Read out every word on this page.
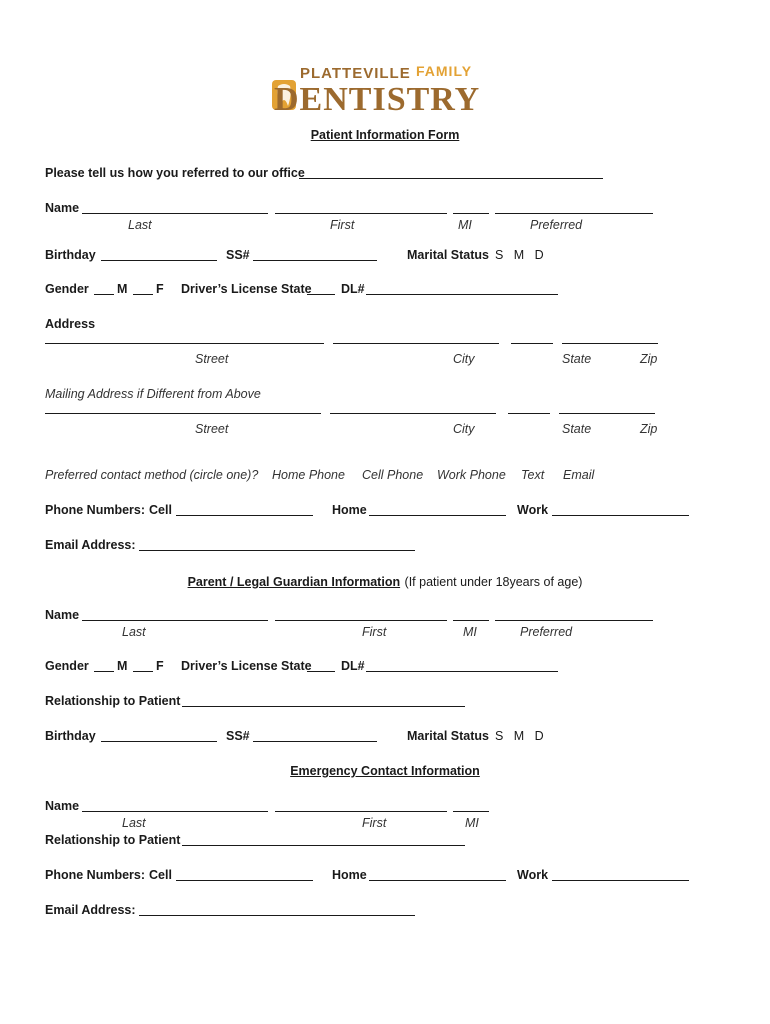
PLATTEVILLE FAMILY
DENTISTRY
Patient Information Form
Please tell us how you referred to our office
Name
Last	First	MI	Preferred
Birthday	SS#	Marital Status S   M   D
Gender M F Driver’s License State DL#
Address
Street	City	State	Zip
Mailing Address if Different from Above
Street	City	State	Zip
Preferred contact method (circle one)? Home Phone Cell Phone Work Phone Text Email
Phone Numbers: Cell	Home	Work
Email Address:
Parent / Legal Guardian Information (If patient under 18years of age)
Name
Last	First	MI	Preferred
Gender M F Driver’s License State DL#
Relationship to Patient
Birthday	SS#	Marital Status S   M   D
Emergency Contact Information
Name
Last	First	MI
Relationship to Patient
Phone Numbers: Cell	Home	Work
Email Address:
